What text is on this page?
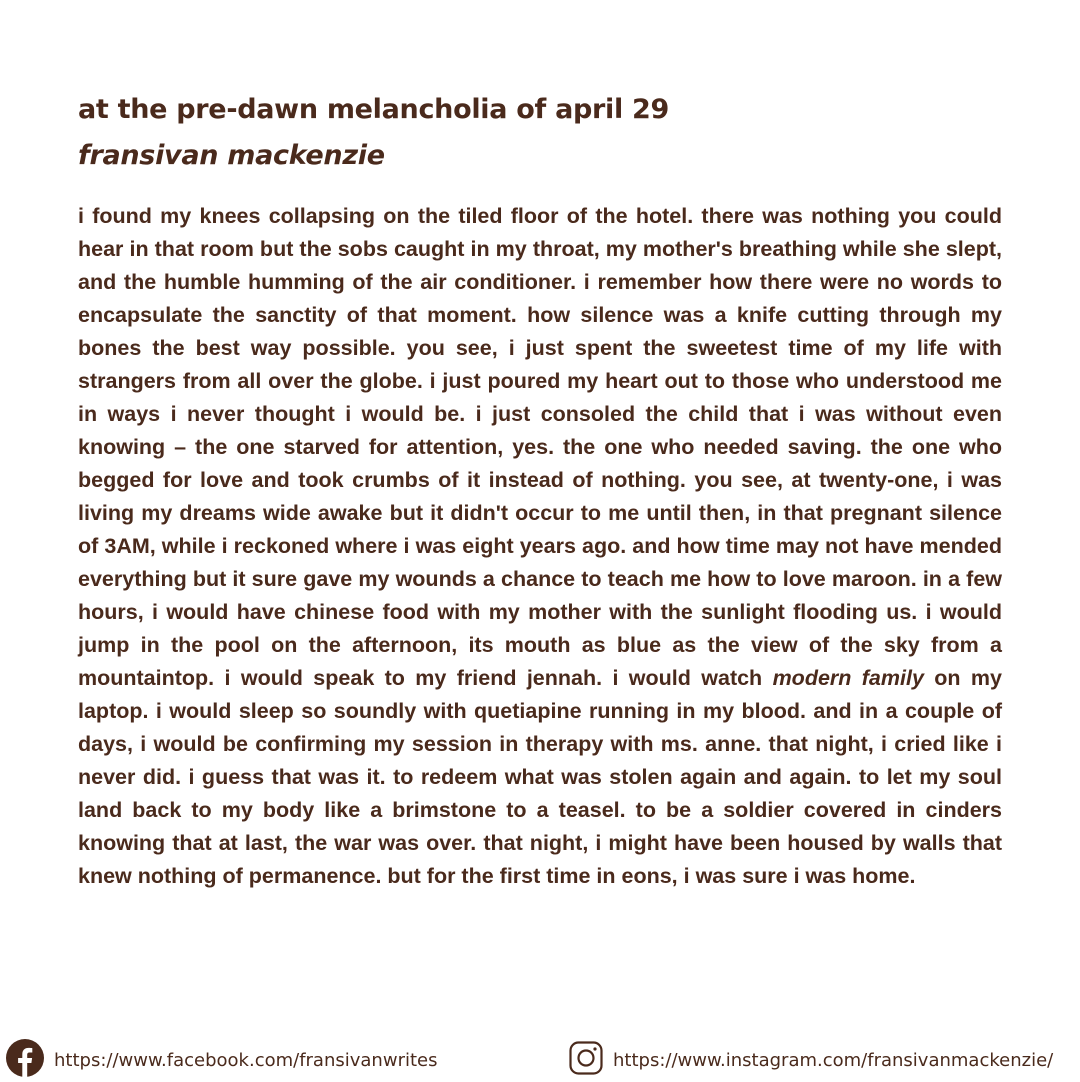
at the pre-dawn melancholia of april 29
fransivan mackenzie

i found my knees collapsing on the tiled floor of the hotel. there was nothing you could hear in that room but the sobs caught in my throat, my mother's breathing while she slept, and the humble humming of the air conditioner. i remember how there were no words to encapsulate the sanctity of that moment. how silence was a knife cutting through my bones the best way possible. you see, i just spent the sweetest time of my life with strangers from all over the globe. i just poured my heart out to those who understood me in ways i never thought i would be. i just consoled the child that i was without even knowing – the one starved for attention, yes. the one who needed saving. the one who begged for love and took crumbs of it instead of nothing. you see, at twenty-one, i was living my dreams wide awake but it didn't occur to me until then, in that pregnant silence of 3AM, while i reckoned where i was eight years ago. and how time may not have mended everything but it sure gave my wounds a chance to teach me how to love maroon. in a few hours, i would have chinese food with my mother with the sunlight flooding us. i would jump in the pool on the afternoon, its mouth as blue as the view of the sky from a mountaintop. i would speak to my friend jennah. i would watch modern family on my laptop. i would sleep so soundly with quetiapine running in my blood. and in a couple of days, i would be confirming my session in therapy with ms. anne. that night, i cried like i never did. i guess that was it. to redeem what was stolen again and again. to let my soul land back to my body like a brimstone to a teasel. to be a soldier covered in cinders knowing that at last, the war was over. that night, i might have been housed by walls that knew nothing of permanence. but for the first time in eons, i was sure i was home.

https://www.facebook.com/fransivanwrites	https://www.instagram.com/fransivanmackenzie/
